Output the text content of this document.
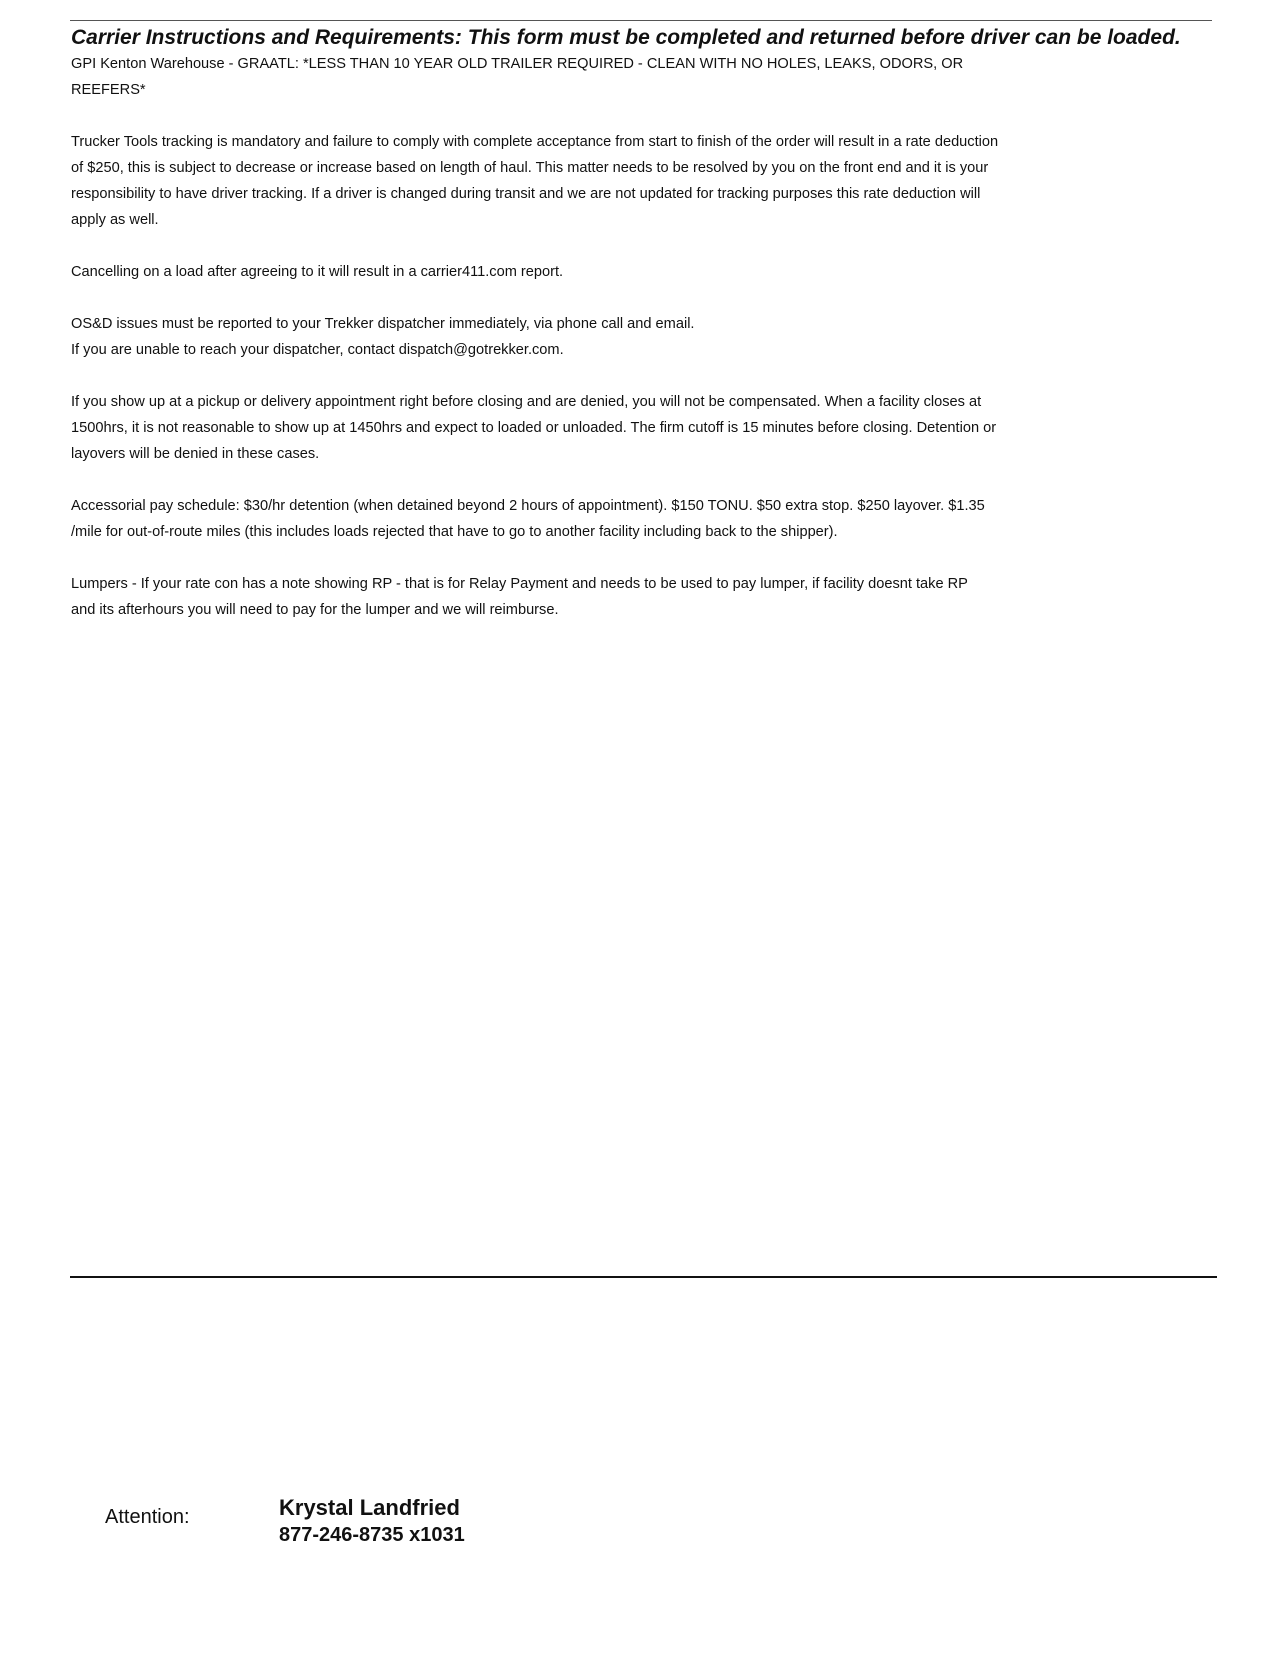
Carrier Instructions and Requirements: This form must be completed and returned before driver can be loaded.

GPI Kenton Warehouse - GRAATL: *LESS THAN 10 YEAR OLD TRAILER REQUIRED - CLEAN WITH NO HOLES, LEAKS, ODORS, OR
REEFERS*

Trucker Tools tracking is mandatory and failure to comply with complete acceptance from start to finish of the order will result in a rate deduction
of $250, this is subject to decrease or increase based on length of haul. This matter needs to be resolved by you on the front end and it is your
responsibility to have driver tracking. If a driver is changed during transit and we are not updated for tracking purposes this rate deduction will
apply as well.

Cancelling on a load after agreeing to it will result in a carrier411.com report.

OS&D issues must be reported to your Trekker dispatcher immediately, via phone call and email.
If you are unable to reach your dispatcher, contact dispatch@gotrekker.com.

If you show up at a pickup or delivery appointment right before closing and are denied, you will not be compensated. When a facility closes at
1500hrs, it is not reasonable to show up at 1450hrs and expect to loaded or unloaded. The firm cutoff is 15 minutes before closing. Detention or
layovers will be denied in these cases.

Accessorial pay schedule: $30/hr detention (when detained beyond 2 hours of appointment). $150 TONU. $50 extra stop. $250 layover. $1.35
/mile for out-of-route miles (this includes loads rejected that have to go to another facility including back to the shipper).

Lumpers - If your rate con has a note showing RP - that is for Relay Payment and needs to be used to pay lumper, if facility doesnt take RP
and its afterhours you will need to pay for the lumper and we will reimburse.

Attention:	Krystal Landfried
877-246-8735 x1031
